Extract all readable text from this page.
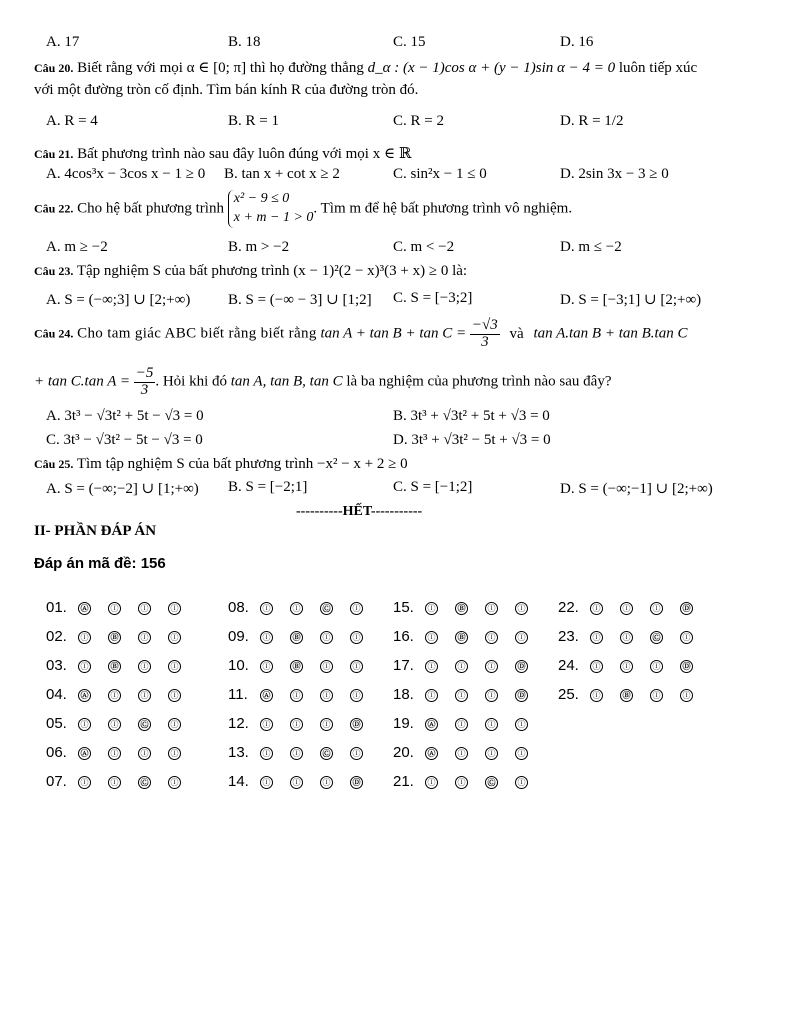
A. 17	B. 18	C. 15	D. 16
Câu 20. Biết rằng với mọi α ∈ [0; π] thì họ đường thẳng d_α : (x − 1)cos α + (y − 1)sin α − 4 = 0 luôn tiếp xúc
với một đường tròn cố định. Tìm bán kính R của đường tròn đó.
A. R = 4	B. R = 1	C. R = 2	D. R = 1/2
Câu 21. Bất phương trình nào sau đây luôn đúng với mọi x ∈ ℝ
A. 4cos³x − 3cos x − 1 ≥ 0 B. tan x + cot x ≥ 2	C. sin²x − 1 ≤ 0	D. 2sin 3x − 3 ≥ 0
Câu 22. Cho hệ bất phương trình
x² − 9 ≤ 0
x + m − 1 > 0
. Tìm m để hệ bất phương trình vô nghiệm.
A. m ≥ −2	B. m > −2	C. m < −2	D. m ≤ −2
Câu 23. Tập nghiệm S của bất phương trình (x − 1)²(2 − x)³(3 + x) ≥ 0 là:
A. S = (−∞;3] ∪ [2;+∞)	B. S = (−∞ − 3] ∪ [1;2] C. S = [−3;2]	D. S = [−3;1] ∪ [2;+∞)
Câu 24. Cho tam giác ABC biết rằng biết rằng $\tan A + \tan B + \tan C = \frac{-√3}{3}$ và tan A.tan B + tan B.tan C
+ tan C.tan $A = \frac{-5}{3}$ . Hỏi khi đó tan A, tan B, tan C là ba nghiệm của phương trình nào sau đây?
A. 3t³ − √3t² + 5t − √3 = 0	B. 3t³ + √3t² + 5t + √3 = 0
C. 3t³ − √3t² − 5t − √3 = 0	D. 3t³ + √3t² − 5t + √3 = 0
Câu 25. Tìm tập nghiệm S của bất phương trình −x² − x + 2 ≥ 0
A. S = (−∞;−2] ∪ [1;+∞) B. S = [−2;1]	C. S = [−1;2]	D. S = (−∞;−1] ∪ [2;+∞)
----------HẾT-----------
II- PHẦN ĐÁP ÁN
Đáp án mã đề: 156
01. Ⓐ	Ⓘ	Ⓘ	Ⓘ
02. Ⓘ	Ⓑ	Ⓘ	Ⓘ
03. Ⓘ	Ⓑ	Ⓘ	Ⓘ
04. Ⓐ	Ⓘ	Ⓘ	Ⓘ
05. Ⓘ	Ⓘ	Ⓒ	Ⓘ
06. Ⓐ	Ⓘ	Ⓘ	Ⓘ
07. Ⓘ	Ⓘ	Ⓒ	Ⓘ
08. Ⓘ	Ⓘ	Ⓒ	Ⓘ
09. Ⓘ	Ⓑ	Ⓘ	Ⓘ
10. Ⓘ	Ⓑ	Ⓘ	Ⓘ
11. Ⓐ	Ⓘ	Ⓘ	Ⓘ
12. Ⓘ	Ⓘ	Ⓘ	Ⓓ
13. Ⓘ	Ⓘ	Ⓒ	Ⓘ
14. Ⓘ	Ⓘ	Ⓘ	Ⓓ
15. Ⓘ	Ⓑ	Ⓘ	Ⓘ
16. Ⓘ	Ⓑ	Ⓘ	Ⓘ
17. Ⓘ	Ⓘ	Ⓘ	Ⓓ
18. Ⓘ	Ⓘ	Ⓘ	Ⓓ
19. Ⓐ	Ⓘ	Ⓘ	Ⓘ
20. Ⓐ	Ⓘ	Ⓘ	Ⓘ
21. Ⓘ	Ⓘ	Ⓒ	Ⓘ
22. Ⓘ	Ⓘ	Ⓘ	Ⓓ
23. Ⓘ	Ⓘ	Ⓒ	Ⓘ
24. Ⓘ	Ⓘ	Ⓘ	Ⓓ
25. Ⓘ	Ⓑ	Ⓘ	Ⓘ
